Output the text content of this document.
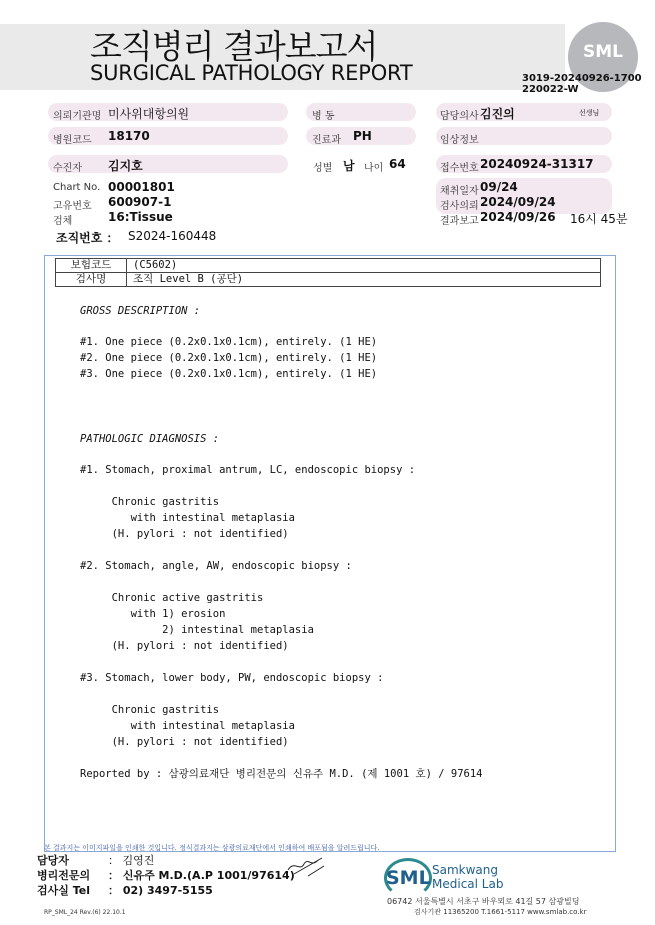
조직병리 결과보고서
SURGICAL PATHOLOGY REPORT
SML
3019-20240926-1700
220022-W
의뢰기관명 미사위대항의원	병 동	담당의사 김진의	선생님
병원코드 18170	진료과 PH	임상정보
수진자 김지호	성별 남 나이 64	접수번호 20240924-31317
Chart No. 00001801
고유번호 600907-1
검체	16:Tissue
조직번호 ： S2024-160448
채취일자 09/24
검사의뢰 2024/09/24
결과보고 2024/09/26 16시 45분
보험코드	(C5602)
검사명	조직 Level B (공단)
GROSS DESCRIPTION :
#1. One piece (0.2x0.1x0.1cm), entirely. (1 HE)
#2. One piece (0.2x0.1x0.1cm), entirely. (1 HE)
#3. One piece (0.2x0.1x0.1cm), entirely. (1 HE)
PATHOLOGIC DIAGNOSIS :
#1. Stomach, proximal antrum, LC, endoscopic biopsy :
Chronic gastritis
with intestinal metaplasia
(H. pylori : not identified)
#2. Stomach, angle, AW, endoscopic biopsy :
Chronic active gastritis
with 1) erosion
2) intestinal metaplasia
(H. pylori : not identified)
#3. Stomach, lower body, PW, endoscopic biopsy :
Chronic gastritis
with intestinal metaplasia
(H. pylori : not identified)
Reported by : 삼광의료재단 병리전문의 신유주 M.D. (제 1001 호) / 97614
본 결과지는 이미지파일을 인쇄한 것입니다. 정식결과지는 삼광의료재단에서 인쇄하여 배포됨을 알려드립니다.
담당자	： 김영진
병리전문의 ： 신유주 M.D.(A.P 1001/97614)
검사실 Tel ： 02) 3497-5155
RP_SML_24 Rev.(6) 22.10.1
SML Samkwang
Medical Lab
06742 서울특별시 서초구 바우뫼로 41길 57 삼광빌딩
검사기관 11365200 T.1661-5117 www.smlab.co.kr
